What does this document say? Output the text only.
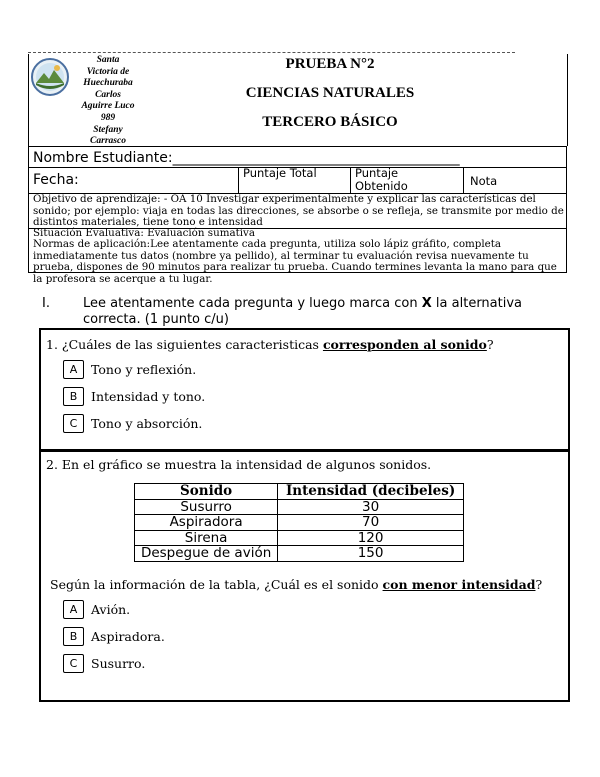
Santa
Victoria de
Huechuraba
Carlos
Aguirre Luco
989
Stefany
Carrasco
PRUEBA N°2
CIENCIAS NATURALES
TERCERO BÁSICO
Nombre Estudiante:_________________________________________
Fecha:	Puntaje Total	Puntaje Obtenido	Nota
Objetivo de aprendizaje: - OA 10 Investigar experimentalmente y explicar las características del sonido; por ejemplo: viaja en todas las direcciones, se absorbe o se refleja, se transmite por medio de distintos materiales, tiene tono e intensidad
Situación Evaluativa: Evaluación sumativa
Normas de aplicación:Lee atentamente cada pregunta, utiliza solo lápiz gráfito, completa inmediatamente tus datos (nombre ya pellido), al terminar tu evaluación revisa nuevamente tu prueba, dispones de 90 minutos para realizar tu prueba. Cuando termines levanta la mano para que la profesora se acerque a tu lugar.
I.	Lee atentamente cada pregunta y luego marca con X la alternativa correcta. (1 punto c/u)
1. ¿Cuáles de las siguientes caracteristicas corresponden al sonido?
A	Tono y reflexión.
B	Intensidad y tono.
C	Tono y absorción.
2. En el gráfico se muestra la intensidad de algunos sonidos.
Sonido	Intensidad (decibeles)
Susurro	30
Aspiradora	70
Sirena	120
Despegue de avión	150
Según la información de la tabla, ¿Cuál es el sonido con menor intensidad?
A	Avión.
B	Aspiradora.
C	Susurro.
